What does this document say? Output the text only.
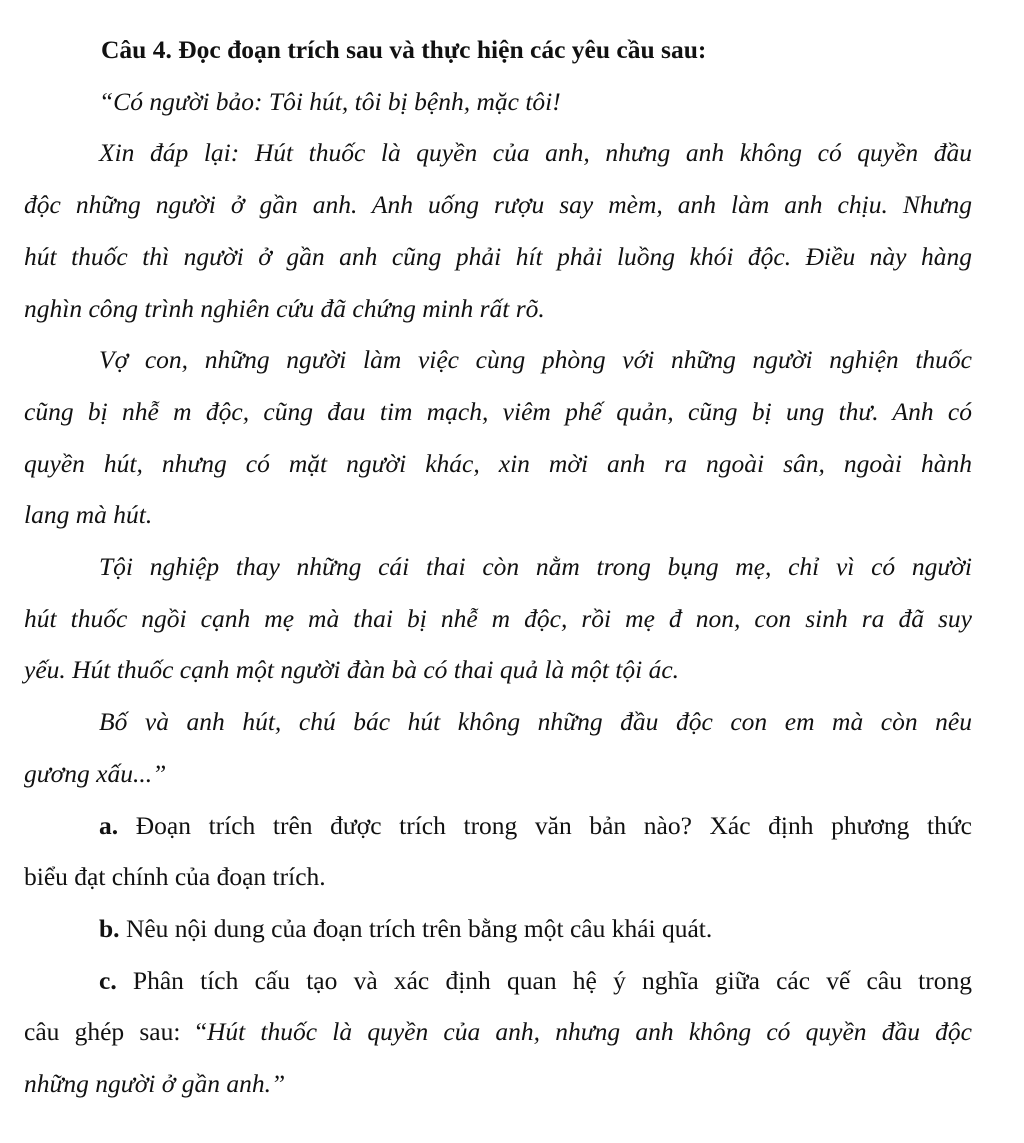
Câu 4. Đọc đoạn trích sau và thực hiện các yêu cầu sau:

“Có người bảo: Tôi hút, tôi bị bệnh, mặc tôi!

Xin đáp lại: Hút thuốc là quyền của anh, nhưng anh không có quyền đầu

độc những người ở gần anh. Anh uống rượu say mèm, anh làm anh chịu. Nhưng

hút thuốc thì người ở gần anh cũng phải hít phải luồng khói độc. Điều này hàng

nghìn công trình nghiên cứu đã chứng minh rất rõ.

Vợ con, những người làm việc cùng phòng với những người nghiện thuốc

cũng bị nhễ m độc, cũng đau tim mạch, viêm phế quản, cũng bị ung thư. Anh có

quyền hút, nhưng có mặt người khác, xin mời anh ra ngoài sân, ngoài hành

lang mà hút.

Tội nghiệp thay những cái thai còn nằm trong bụng mẹ, chỉ vì có người

hút thuốc ngồi cạnh mẹ mà thai bị nhễ m độc, rồi mẹ đ non, con sinh ra đã suy

yếu. Hút thuốc cạnh một người đàn bà có thai quả là một tội ác.

Bố và anh hút, chú bác hút không những đầu độc con em mà còn nêu

gương xấu...”

a. Đoạn trích trên được trích trong văn bản nào? Xác định phương thức

biểu đạt chính của đoạn trích.

b. Nêu nội dung của đoạn trích trên bằng một câu khái quát.

c. Phân tích cấu tạo và xác định quan hệ ý nghĩa giữa các vế câu trong

câu ghép sau: “Hút thuốc là quyền của anh, nhưng anh không có quyền đầu độc

những người ở gần anh.”
